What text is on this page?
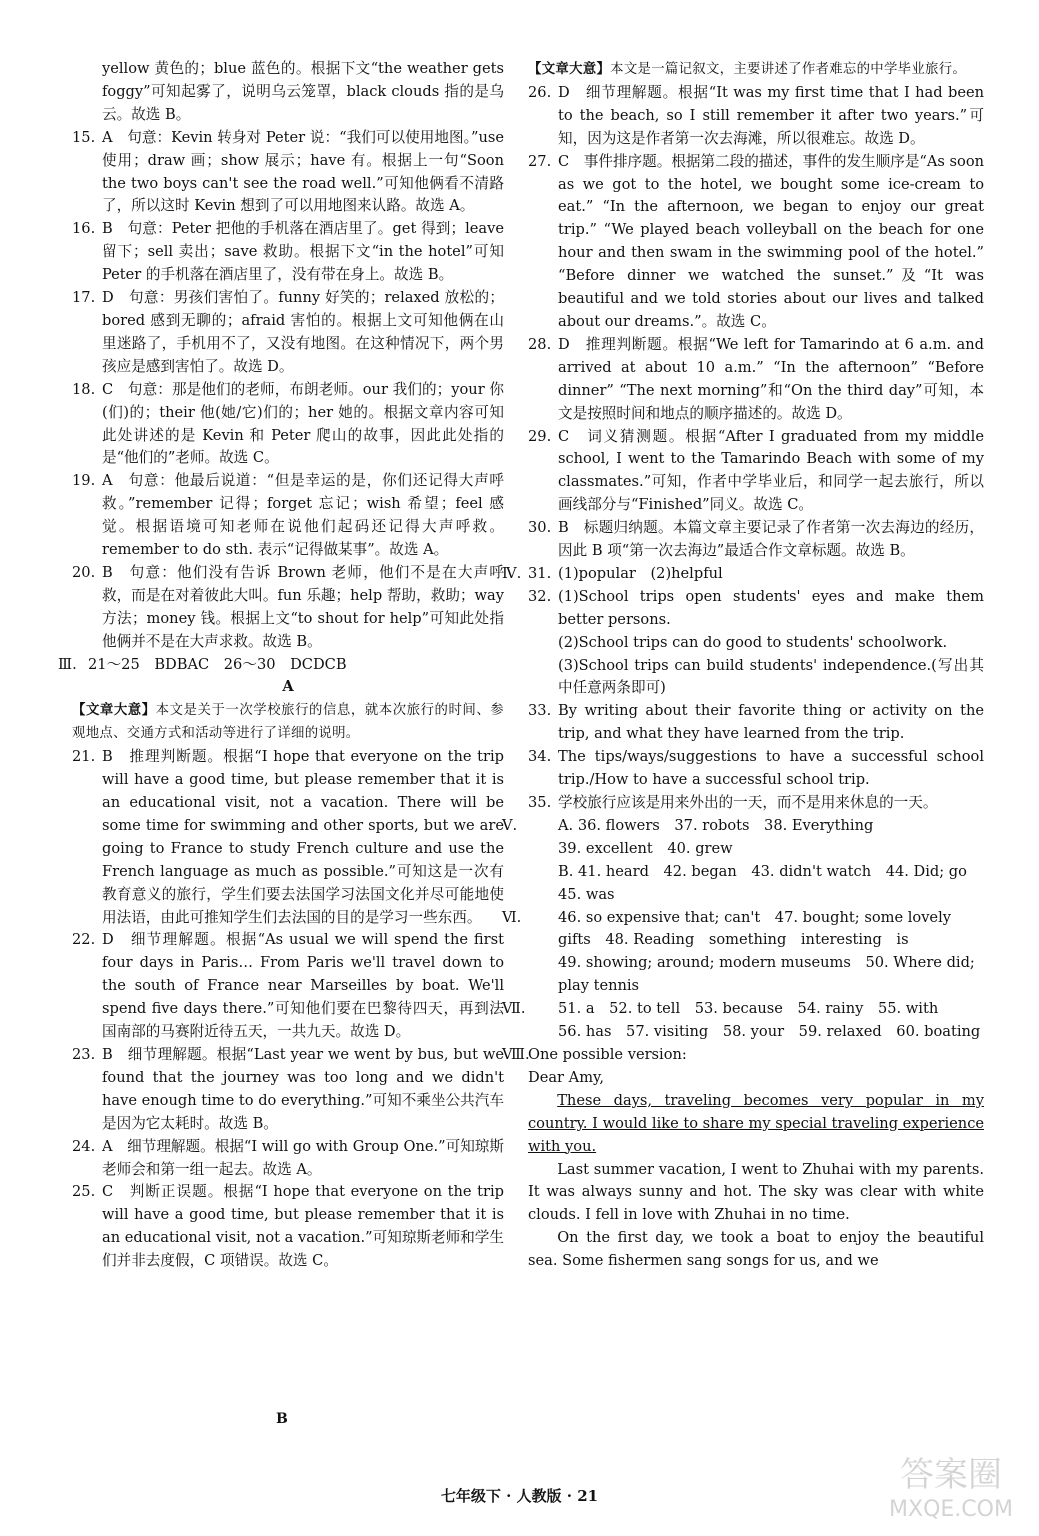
yellow 黄色的；blue 蓝色的。根据下文“the weather gets foggy”可知起雾了，说明乌云笼罩，black clouds 指的是乌云。故选 B。
15. A　句意：Kevin 转身对 Peter 说：“我们可以使用地图。”use 使用；draw 画；show 展示；have 有。根据上一句“Soon the two boys can't see the road well.”可知他俩看不清路了，所以这时 Kevin 想到了可以用地图来认路。故选 A。
16. B　句意：Peter 把他的手机落在酒店里了。get 得到；leave 留下；sell 卖出；save 救助。根据下文“in the hotel”可知 Peter 的手机落在酒店里了，没有带在身上。故选 B。
17. D　句意：男孩们害怕了。funny 好笑的；relaxed 放松的；bored 感到无聊的；afraid 害怕的。根据上文可知他俩在山里迷路了，手机用不了，又没有地图。在这种情况下，两个男孩应是感到害怕了。故选 D。
18. C　句意：那是他们的老师，布朗老师。our 我们的；your 你(们)的；their 他(她/它)们的；her 她的。根据文章内容可知此处讲述的是 Kevin 和 Peter 爬山的故事，因此此处指的是“他们的”老师。故选 C。
19. A　句意：他最后说道：“但是幸运的是，你们还记得大声呼救。”remember 记得；forget 忘记；wish 希望；feel 感觉。根据语境可知老师在说他们起码还记得大声呼救。remember to do sth. 表示“记得做某事”。故选 A。
20. B　句意：他们没有告诉 Brown 老师，他们不是在大声呼救，而是在对着彼此大叫。fun 乐趣；help 帮助，救助；way 方法；money 钱。根据上文“to shout for help”可知此处指他俩并不是在大声求救。故选 B。
Ⅲ. 21～25　BDBAC　26～30　DCDCB
A
【文章大意】本文是关于一次学校旅行的信息，就本次旅行的时间、参观地点、交通方式和活动等进行了详细的说明。
21. B　推理判断题。根据“I hope that everyone on the trip will have a good time, but please remember that it is an educational visit, not a vacation. There will be some time for swimming and other sports, but we are going to France to study French culture and use the French language as much as possible.”可知这是一次有教育意义的旅行，学生们要去法国学习法国文化并尽可能地使用法语，由此可推知学生们去法国的目的是学习一些东西。
22. D　细节理解题。根据“As usual we will spend the first four days in Paris… From Paris we'll travel down to the south of France near Marseilles by boat. We'll spend five days there.”可知他们要在巴黎待四天，再到法国南部的马赛附近待五天，一共九天。故选 D。
23. B　细节理解题。根据“Last year we went by bus, but we found that the journey was too long and we didn't have enough time to do everything.”可知不乘坐公共汽车是因为它太耗时。故选 B。
24. A　细节理解题。根据“I will go with Group One.”可知琼斯老师会和第一组一起去。故选 A。
25. C　判断正误题。根据“I hope that everyone on the trip will have a good time, but please remember that it is an educational visit, not a vacation.”可知琼斯老师和学生们并非去度假，C 项错误。故选 C。
B
【文章大意】本文是一篇记叙文，主要讲述了作者难忘的中学毕业旅行。
26. D　细节理解题。根据“It was my first time that I had been to the beach, so I still remember it after two years.”可知，因为这是作者第一次去海滩，所以很难忘。故选 D。
27. C　事件排序题。根据第二段的描述，事件的发生顺序是“As soon as we got to the hotel, we bought some ice-cream to eat.” “In the afternoon, we began to enjoy our great trip.” “We played beach volleyball on the beach for one hour and then swam in the swimming pool of the hotel.” “Before dinner we watched the sunset.”及“It was beautiful and we told stories about our lives and talked about our dreams.”。故选 C。
28. D　推理判断题。根据“We left for Tamarindo at 6 a.m. and arrived at about 10 a.m.” “In the afternoon” “Before dinner” “The next morning”和“On the third day”可知，本文是按照时间和地点的顺序描述的。故选 D。
29. C　词义猜测题。根据“After I graduated from my middle school, I went to the Tamarindo Beach with some of my classmates.”可知，作者中学毕业后，和同学一起去旅行，所以画线部分与“Finished”同义。故选 C。
30. B　标题归纳题。本篇文章主要记录了作者第一次去海边的经历，因此 B 项“第一次去海边”最适合作文章标题。故选 B。
Ⅳ. 31. (1)popular　(2)helpful
32. (1)School trips open students' eyes and make them better persons.
(2)School trips can do good to students' schoolwork.
(3)School trips can build students' independence.(写出其中任意两条即可)
33. By writing about their favorite thing or activity on the trip, and what they have learned from the trip.
34. The tips/ways/suggestions to have a successful school trip./How to have a successful school trip.
35. 学校旅行应该是用来外出的一天，而不是用来休息的一天。
Ⅴ.	A. 36. flowers　37. robots　38. Everything
39. excellent　40. grew
B. 41. heard　42. began　43. didn't watch　44. Did; go
45. was
Ⅵ.	46. so expensive that; can't　47. bought; some lovely gifts　48. Reading　something　interesting　is
49. showing; around; modern museums　50. Where did; play tennis
Ⅶ.	51. a　52. to tell　53. because　54. rainy　55. with
56. has　57. visiting　58. your　59. relaxed　60. boating
Ⅷ.
One possible version:
Dear Amy,
These days, traveling becomes very popular in my country. I would like to share my special traveling experience with you.
Last summer vacation, I went to Zhuhai with my parents. It was always sunny and hot. The sky was clear with white clouds. I fell in love with Zhuhai in no time.
On the first day, we took a boat to enjoy the beautiful sea. Some fishermen sang songs for us, and we
七年级下 · 人教版 · 21
答案圈
MXQE.COM
